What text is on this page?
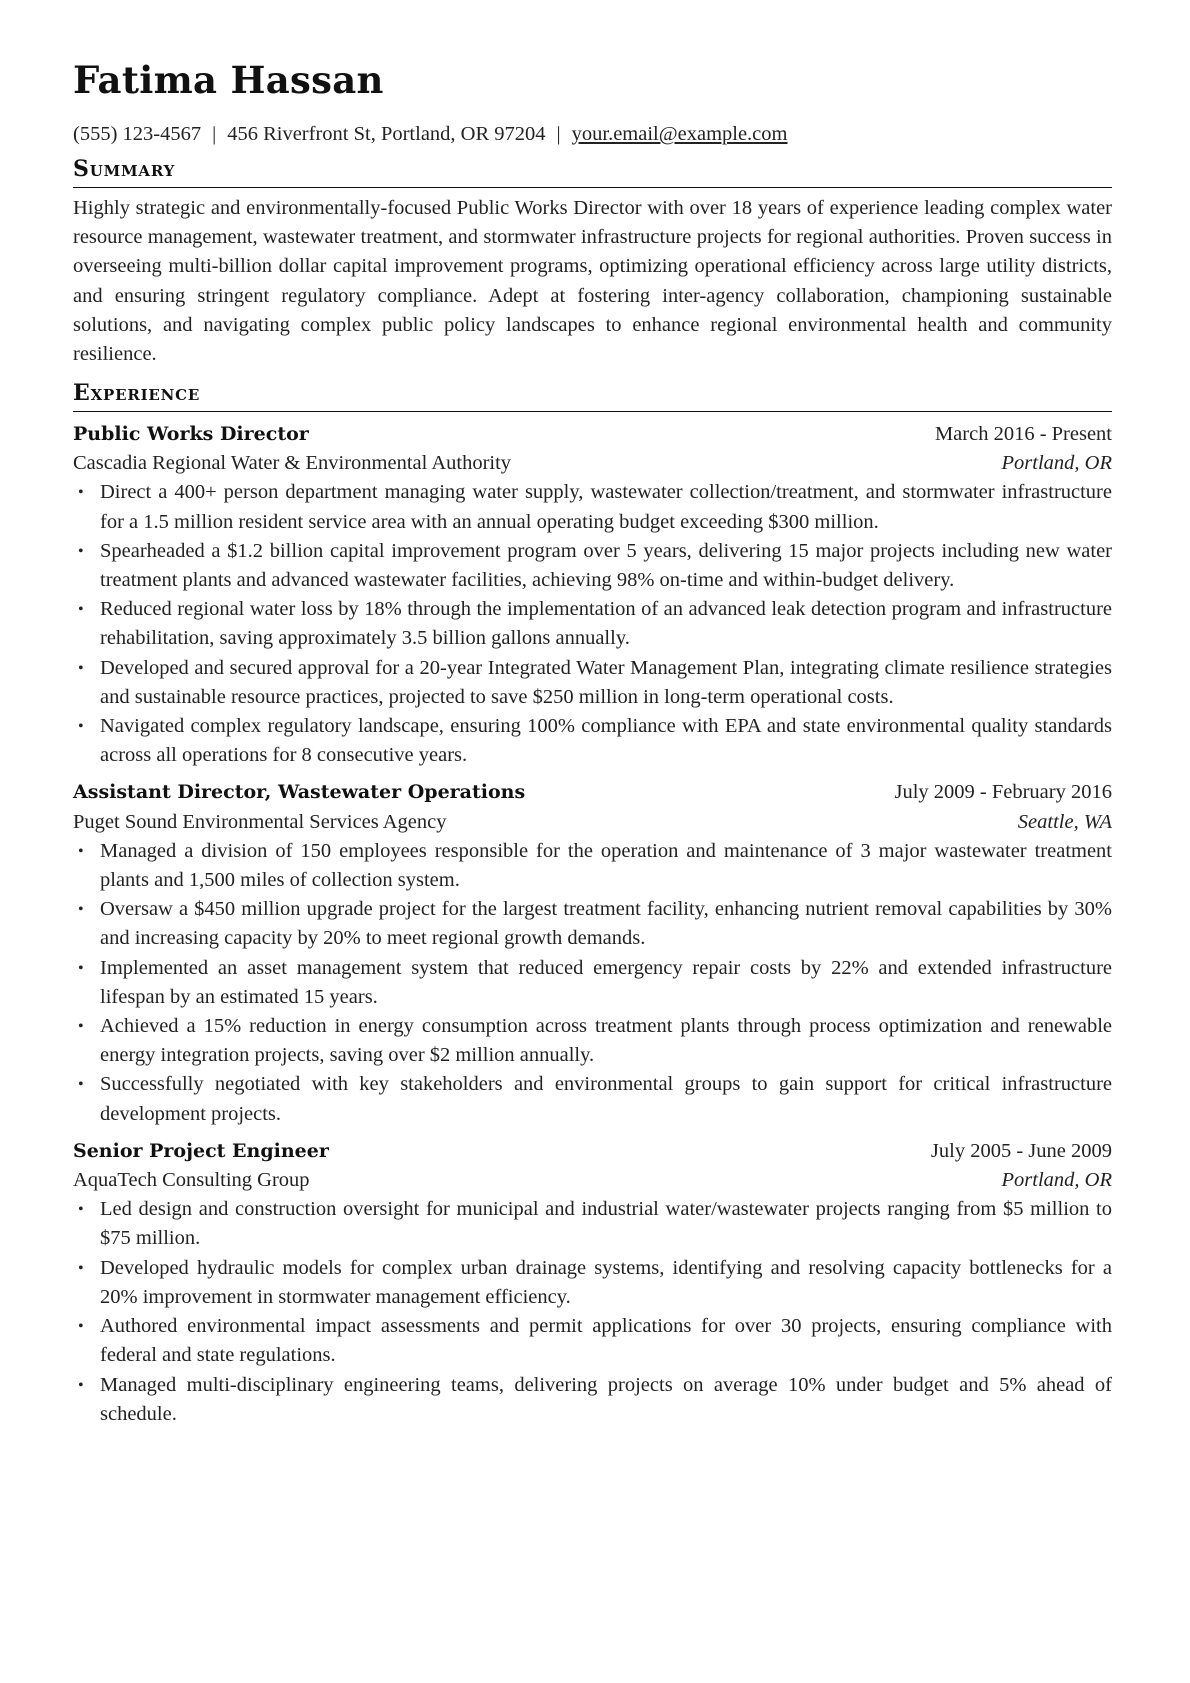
Fatima Hassan
(555) 123-4567 | 456 Riverfront St, Portland, OR 97204 | your.email@example.com
Summary

Highly strategic and environmentally-focused Public Works Director with over 18 years of experience leading complex water resource management, wastewater treatment, and stormwater infrastructure projects for regional authorities. Proven success in overseeing multi-billion dollar capital improvement programs, optimizing operational efficiency across large utility districts, and ensuring stringent regulatory compliance. Adept at fostering inter-agency collaboration, championing sustainable solutions, and navigating complex public policy landscapes to enhance regional environmental health and community resilience.

Experience
Public Works Director	March 2016 - Present
Cascadia Regional Water & Environmental Authority	Portland, OR
• Direct a 400+ person department managing water supply, wastewater collection/treatment, and stormwater infrastructure for a 1.5 million resident service area with an annual operating budget exceeding $300 million.
• Spearheaded a $1.2 billion capital improvement program over 5 years, delivering 15 major projects including new water treatment plants and advanced wastewater facilities, achieving 98% on-time and within-budget delivery.
• Reduced regional water loss by 18% through the implementation of an advanced leak detection program and infrastructure rehabilitation, saving approximately 3.5 billion gallons annually.
• Developed and secured approval for a 20-year Integrated Water Management Plan, integrating climate resilience strategies and sustainable resource practices, projected to save $250 million in long-term operational costs.
• Navigated complex regulatory landscape, ensuring 100% compliance with EPA and state environmental quality standards across all operations for 8 consecutive years.
Assistant Director, Wastewater Operations	July 2009 - February 2016
Puget Sound Environmental Services Agency	Seattle, WA
• Managed a division of 150 employees responsible for the operation and maintenance of 3 major wastewater treatment plants and 1,500 miles of collection system.
• Oversaw a $450 million upgrade project for the largest treatment facility, enhancing nutrient removal capabilities by 30% and increasing capacity by 20% to meet regional growth demands.
• Implemented an asset management system that reduced emergency repair costs by 22% and extended infrastructure lifespan by an estimated 15 years.
• Achieved a 15% reduction in energy consumption across treatment plants through process optimization and renewable energy integration projects, saving over $2 million annually.
• Successfully negotiated with key stakeholders and environmental groups to gain support for critical infrastructure development projects.
Senior Project Engineer	July 2005 - June 2009
AquaTech Consulting Group	Portland, OR
• Led design and construction oversight for municipal and industrial water/wastewater projects ranging from $5 million to $75 million.
• Developed hydraulic models for complex urban drainage systems, identifying and resolving capacity bottlenecks for a 20% improvement in stormwater management efficiency.
• Authored environmental impact assessments and permit applications for over 30 projects, ensuring compliance with federal and state regulations.
• Managed multi-disciplinary engineering teams, delivering projects on average 10% under budget and 5% ahead of schedule.
